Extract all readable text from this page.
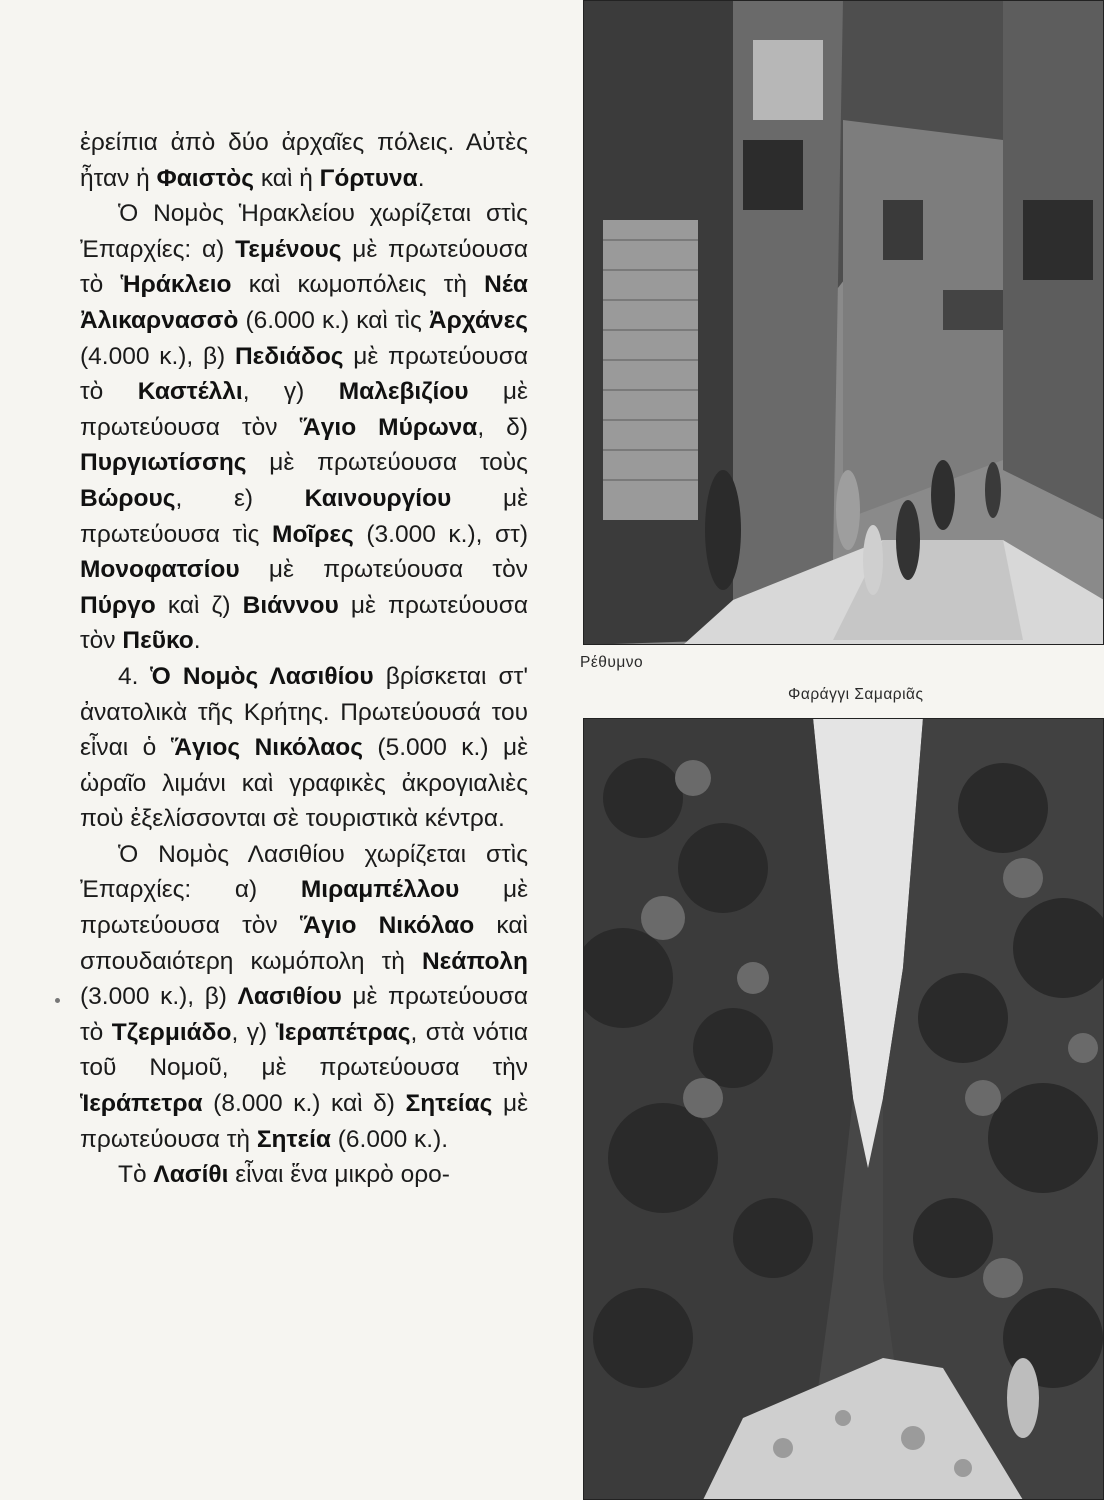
ἐρείπια ἀπὸ δύο ἀρχαῖες πόλεις. Αὐτὲς ἦταν ἡ Φαιστὸς καὶ ἡ Γόρτυνα.

Ὁ Νομὸς Ἡρακλείου χωρίζεται στὶς Ἐπαρχίες: α) Τεμένους μὲ πρωτεύουσα τὸ Ἡράκλειο καὶ κωμοπόλεις τὴ Νέα Ἀλικαρνασσὸ (6.000 κ.) καὶ τὶς Ἀρχάνες (4.000 κ.), β) Πεδιάδος μὲ πρωτεύουσα τὸ Καστέλλι, γ) Μαλεβιζίου μὲ πρωτεύουσα τὸν Ἅγιο Μύρωνα, δ) Πυργιωτίσσης μὲ πρωτεύουσα τοὺς Βώρους, ε) Καινουργίου μὲ πρωτεύουσα τὶς Μοῖρες (3.000 κ.), στ) Μονοφατσίου μὲ πρωτεύουσα τὸν Πύργο καὶ ζ) Βιάννου μὲ πρωτεύουσα τὸν Πεῦκο.

4. Ὁ Νομὸς Λασιθίου βρίσκεται στ' ἀνατολικὰ τῆς Κρήτης. Πρωτεύουσά του εἶναι ὁ Ἅγιος Νικόλαος (5.000 κ.) μὲ ὡραῖο λιμάνι καὶ γραφικὲς ἀκρογιαλιὲς ποὺ ἐξελίσσονται σὲ τουριστικὰ κέντρα.

Ὁ Νομὸς Λασιθίου χωρίζεται στὶς Ἐπαρχίες: α) Μιραμπέλλου μὲ πρωτεύουσα τὸν Ἅγιο Νικόλαο καὶ σπουδαιότερη κωμόπολη τὴ Νεάπολη (3.000 κ.), β) Λασιθίου μὲ πρωτεύουσα τὸ Τζερμιάδο, γ) Ἱεραπέτρας, στὰ νότια τοῦ Νομοῦ, μὲ πρωτεύουσα τὴν Ἱεράπετρα (8.000 κ.) καὶ δ) Σητείας μὲ πρωτεύουσα τὴ Σητεία (6.000 κ.).

Τὸ Λασίθι εἶναι ἕνα μικρὸ ορο-

Ρέθυμνο
Φαράγγι Σαμαριᾶς
